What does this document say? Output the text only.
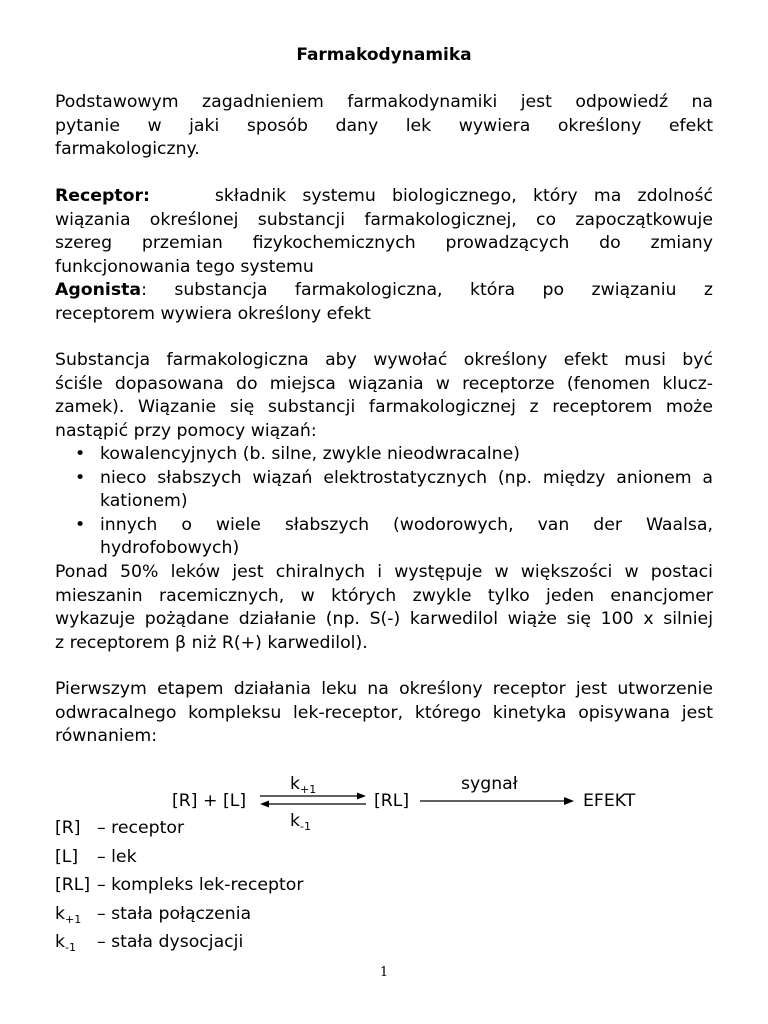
Farmakodynamika
Podstawowym zagadnieniem farmakodynamiki jest odpowiedź na
pytanie w jaki sposób dany lek wywiera określony efekt
farmakologiczny.
Receptor:	składnik systemu biologicznego, który ma zdolność
wiązania określonej substancji farmakologicznej, co zapoczątkowuje
szereg przemian fizykochemicznych prowadzących do zmiany
funkcjonowania tego systemu
Agonista: substancja farmakologiczna, która po związaniu z
receptorem wywiera określony efekt
Substancja farmakologiczna aby wywołać określony efekt musi być
ściśle dopasowana do miejsca wiązania w receptorze (fenomen klucz-
zamek). Wiązanie się substancji farmakologicznej z receptorem może
nastąpić przy pomocy wiązań:
• kowalencyjnych (b. silne, zwykle nieodwracalne)
• nieco słabszych wiązań elektrostatycznych (np. między anionem a
kationem)
• innych o wiele słabszych (wodorowych, van der Waalsa,
hydrofobowych)
Ponad 50% leków jest chiralnych i występuje w większości w postaci
mieszanin racemicznych, w których zwykle tylko jeden enancjomer
wykazuje pożądane działanie (np. S(-) karwedilol wiąże się 100 x silniej
z receptorem β niż R(+) karwedilol).
Pierwszym etapem działania leku na określony receptor jest utworzenie
odwracalnego kompleksu lek-receptor, którego kinetyka opisywana jest
równaniem:
[R] + [L]
$k_{+1}$
$k_{-1}$
[RL]
sygnał
EFEKT
[R] – receptor
[L]	– lek
[RL] – kompleks lek-receptor
$k_{+1}$ – stała połączenia
$k_{-1}$	– stała dysocjacji
1
